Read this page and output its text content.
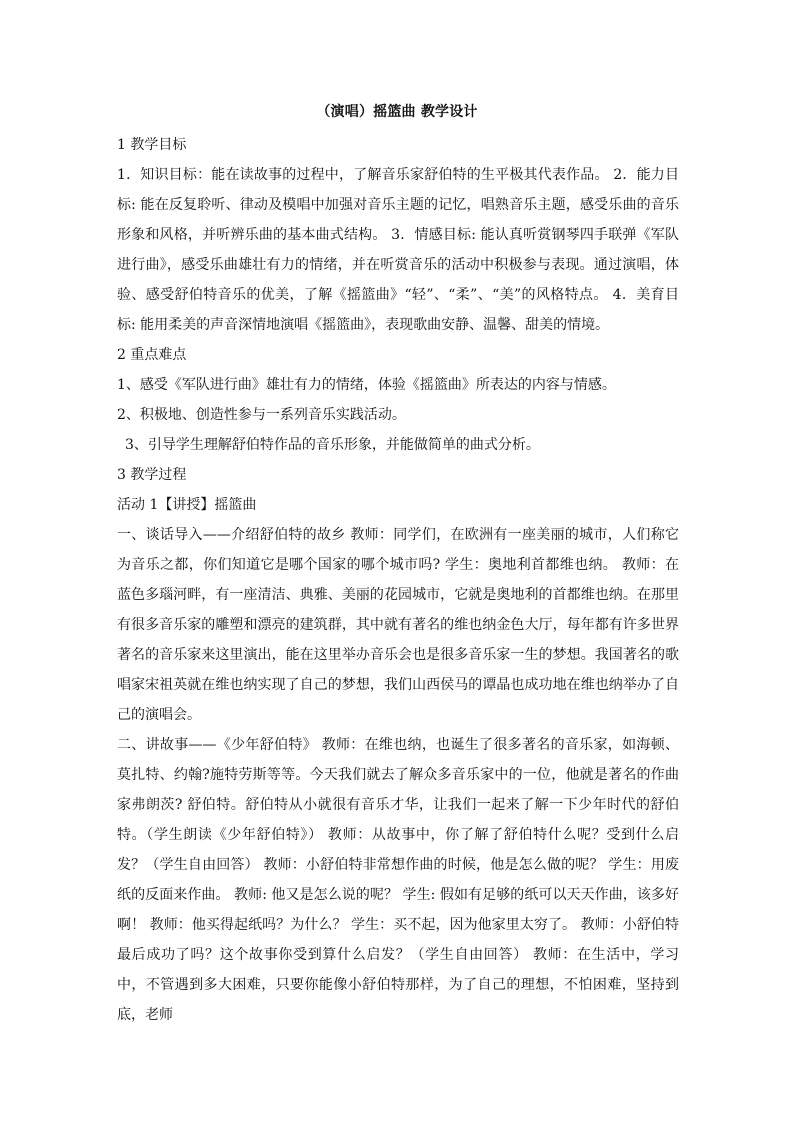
（演唱）摇篮曲 教学设计

1 教学目标

1．知识目标：能在读故事的过程中，了解音乐家舒伯特的生平极其代表作品。 2．能力目标: 能在反复聆听、律动及模唱中加强对音乐主题的记忆，唱熟音乐主题，感受乐曲的音乐形象和风格，并听辨乐曲的基本曲式结构。 3．情感目标: 能认真听赏钢琴四手联弹《军队进行曲》，感受乐曲雄壮有力的情绪，并在听赏音乐的活动中积极参与表现。通过演唱，体验、感受舒伯特音乐的优美，了解《摇篮曲》“轻”、“柔”、“美”的风格特点。 4．美育目标: 能用柔美的声音深情地演唱《摇篮曲》，表现歌曲安静、温馨、甜美的情境。

2 重点难点

1、感受《军队进行曲》雄壮有力的情绪，体验《摇篮曲》所表达的内容与情感。

2、积极地、创造性参与一系列音乐实践活动。

3、引导学生理解舒伯特作品的音乐形象，并能做简单的曲式分析。

3 教学过程

活动 1【讲授】摇篮曲

一、谈话导入——介绍舒伯特的故乡 教师：同学们，在欧洲有一座美丽的城市，人们称它为音乐之都，你们知道它是哪个国家的哪个城市吗? 学生：奥地利首都维也纳。 教师：在蓝色多瑙河畔，有一座清洁、典雅、美丽的花园城市，它就是奥地利的首都维也纳。在那里有很多音乐家的雕塑和漂亮的建筑群，其中就有著名的维也纳金色大厅，每年都有许多世界著名的音乐家来这里演出，能在这里举办音乐会也是很多音乐家一生的梦想。我国著名的歌唱家宋祖英就在维也纳实现了自己的梦想，我们山西侯马的谭晶也成功地在维也纳举办了自己的演唱会。

二、讲故事——《少年舒伯特》 教师：在维也纳，也诞生了很多著名的音乐家，如海顿、莫扎特、约翰?施特劳斯等等。今天我们就去了解众多音乐家中的一位，他就是著名的作曲家弗朗茨? 舒伯特。舒伯特从小就很有音乐才华，让我们一起来了解一下少年时代的舒伯特。（学生朗读《少年舒伯特》） 教师：从故事中，你了解了舒伯特什么呢？受到什么启发？（学生自由回答） 教师：小舒伯特非常想作曲的时候，他是怎么做的呢？ 学生：用废纸的反面来作曲。 教师: 他又是怎么说的呢？ 学生: 假如有足够的纸可以天天作曲，该多好啊！ 教师：他买得起纸吗？为什么？ 学生：买不起，因为他家里太穷了。 教师：小舒伯特最后成功了吗？这个故事你受到算什么启发？（学生自由回答） 教师：在生活中，学习中，不管遇到多大困难，只要你能像小舒伯特那样，为了自己的理想，不怕困难，坚持到底，老师
